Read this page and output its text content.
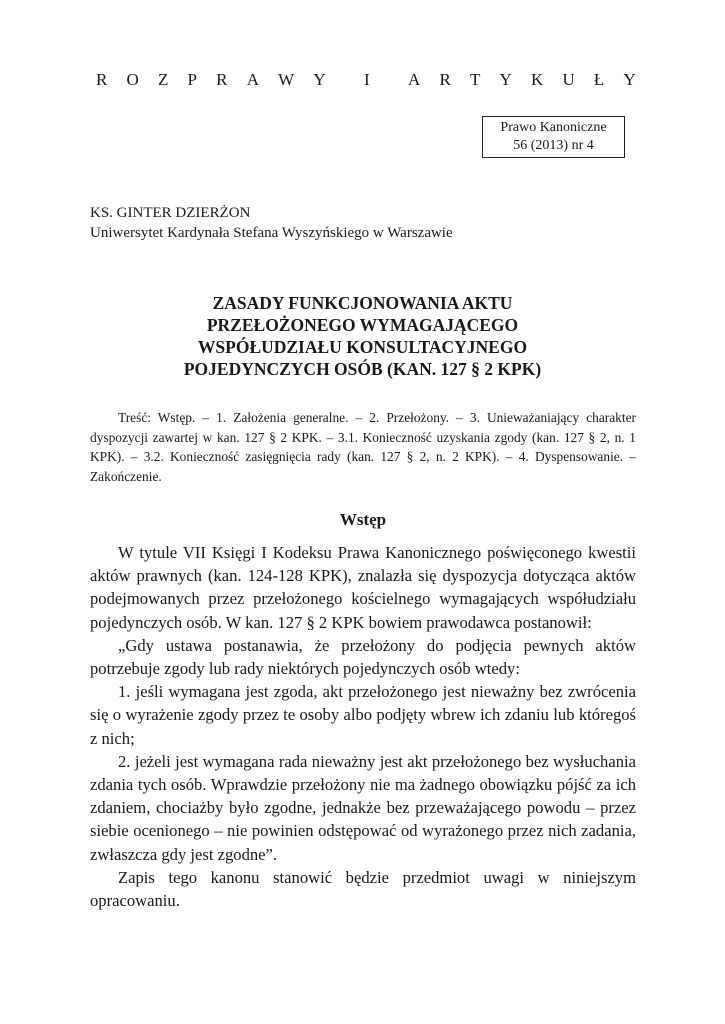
R O Z P R A W Y I A R T Y K U Ł Y
Prawo Kanoniczne
56 (2013) nr 4
KS. GINTER DZIERŻON
Uniwersytet Kardynała Stefana Wyszyńskiego w Warszawie
ZASADY FUNKCJONOWANIA AKTU
PRZEŁOŻONEGO WYMAGAJĄCEGO
WSPÓŁUDZIAŁU KONSULTACYJNEGO
POJEDYNCZYCH OSÓB (KAN. 127 § 2 KPK)
Treść: Wstęp. – 1. Założenia generalne. – 2. Przełożony. – 3. Unieważaniający charakter dyspozycji zawartej w kan. 127 § 2 KPK. – 3.1. Konieczność uzyskania zgody (kan. 127 § 2, n. 1 KPK). – 3.2. Konieczność zasięgnięcia rady (kan. 127 § 2, n. 2 KPK). – 4. Dyspensowanie. – Zakończenie.
Wstęp

W tytule VII Księgi I Kodeksu Prawa Kanonicznego poświęconego kwestii aktów prawnych (kan. 124-128 KPK), znalazła się dyspozycja dotycząca aktów podejmowanych przez przełożonego kościelnego wymagających współudziału pojedynczych osób. W kan. 127 § 2 KPK bowiem prawodawca postanowił:

„Gdy ustawa postanawia, że przełożony do podjęcia pewnych aktów potrzebuje zgody lub rady niektórych pojedynczych osób wtedy:

1. jeśli wymagana jest zgoda, akt przełożonego jest nieważny bez zwrócenia się o wyrażenie zgody przez te osoby albo podjęty wbrew ich zdaniu lub któregoś z nich;

2. jeżeli jest wymagana rada nieważny jest akt przełożonego bez wysłuchania zdania tych osób. Wprawdzie przełożony nie ma żadnego obowiązku pójść za ich zdaniem, chociażby było zgodne, jednakże bez przeważającego powodu – przez siebie ocenionego – nie powinien odstępować od wyrażonego przez nich zadania, zwłaszcza gdy jest zgodne”.

Zapis tego kanonu stanowić będzie przedmiot uwagi w niniejszym opracowaniu.
